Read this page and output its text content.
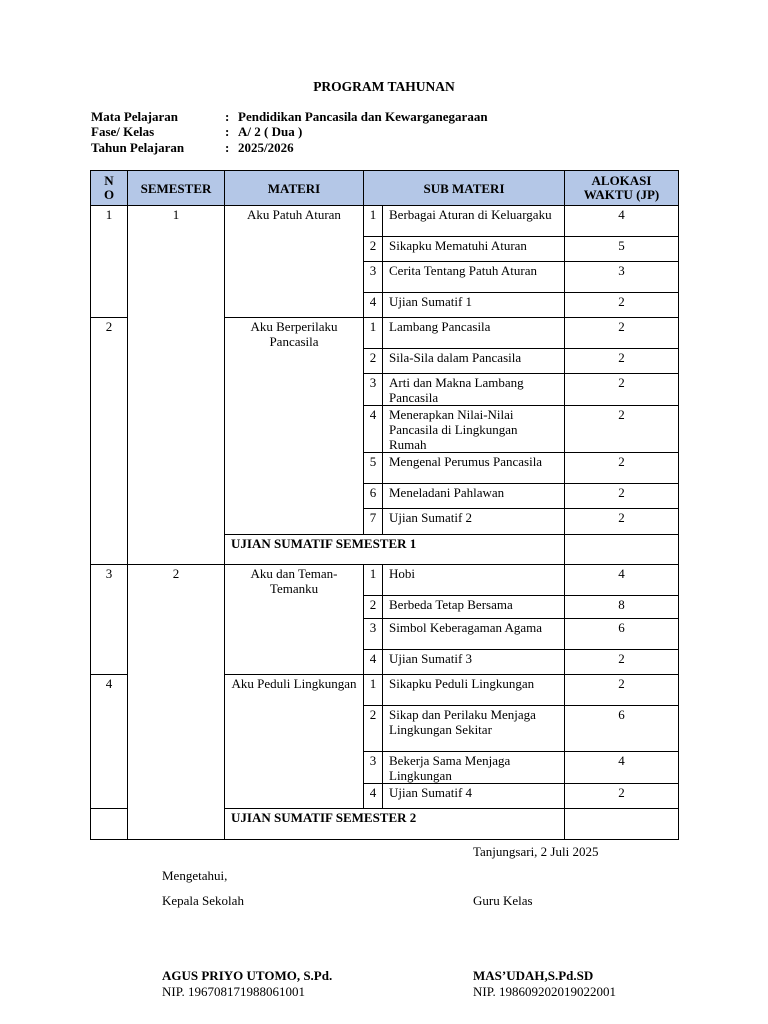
PROGRAM TAHUNAN
Mata Pelajaran	: Pendidikan Pancasila dan Kewarganegaraan
Fase/ Kelas	: A/ 2 ( Dua )
Tahun Pelajaran	: 2025/2026
N O	SEMESTER	MATERI	SUB MATERI		ALOKASI WAKTU (JP)
1	1	Aku Patuh Aturan	1	Berbagai Aturan di Keluargaku	4
			2	Sikapku Mematuhi Aturan	5
			3	Cerita Tentang Patuh Aturan	3
			4	Ujian Sumatif 1	2
2		Aku Berperilaku Pancasila	1	Lambang Pancasila	2
			2	Sila-Sila dalam Pancasila	2
			3	Arti dan Makna Lambang Pancasila	2
			4	Menerapkan Nilai-Nilai Pancasila di Lingkungan Rumah	2
			5	Mengenal Perumus Pancasila	2
			6	Meneladani Pahlawan	2
			7	Ujian Sumatif 2	2
		UJIAN SUMATIF SEMESTER 1			
3	2	Aku dan Teman-Temanku	1	Hobi	4
			2	Berbeda Tetap Bersama	8
			3	Simbol Keberagaman Agama	6
			4	Ujian Sumatif 3	2
4		Aku Peduli Lingkungan	1	Sikapku Peduli Lingkungan	2
			2	Sikap dan Perilaku Menjaga Lingkungan Sekitar	6
			3	Bekerja Sama Menjaga Lingkungan	4
			4	Ujian Sumatif 4	2
		UJIAN SUMATIF SEMESTER 2			
Tanjungsari, 2 Juli 2025
Mengetahui,
Kepala Sekolah	Guru Kelas
AGUS PRIYO UTOMO, S.Pd.
NIP. 196708171988061001
MAS’UDAH,S.Pd.SD
NIP. 198609202019022001
